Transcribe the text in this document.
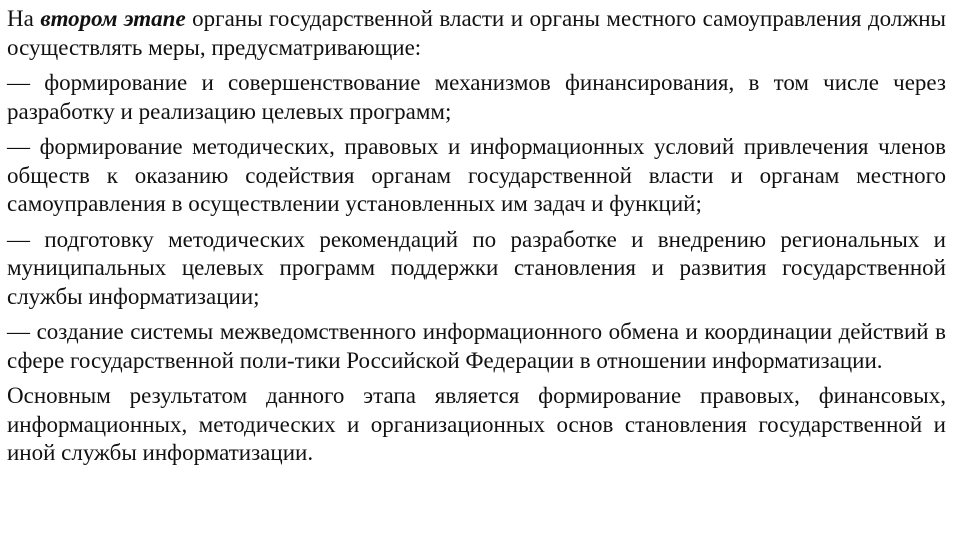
На втором этапе органы государственной власти и органы местного самоуправления должны осуществлять меры, предусматривающие:

— формирование и совершенствование механизмов финансирования, в том числе через разработку и реализацию целевых программ;

— формирование методических, правовых и информационных условий привлечения членов обществ к оказанию содействия органам государственной власти и органам местного самоуправления в осуществлении установленных им задач и функций;

— подготовку методических рекомендаций по разработке и внедрению региональных и муниципальных целевых программ поддержки становления и развития государственной службы информатизации;

— создание системы межведомственного информационного обмена и координации действий в сфере государственной поли-тики Российской Федерации в отношении информатизации.

Основным результатом данного этапа является формирование правовых, финансовых, информационных, методических и организационных основ становления государственной и иной службы информатизации.
